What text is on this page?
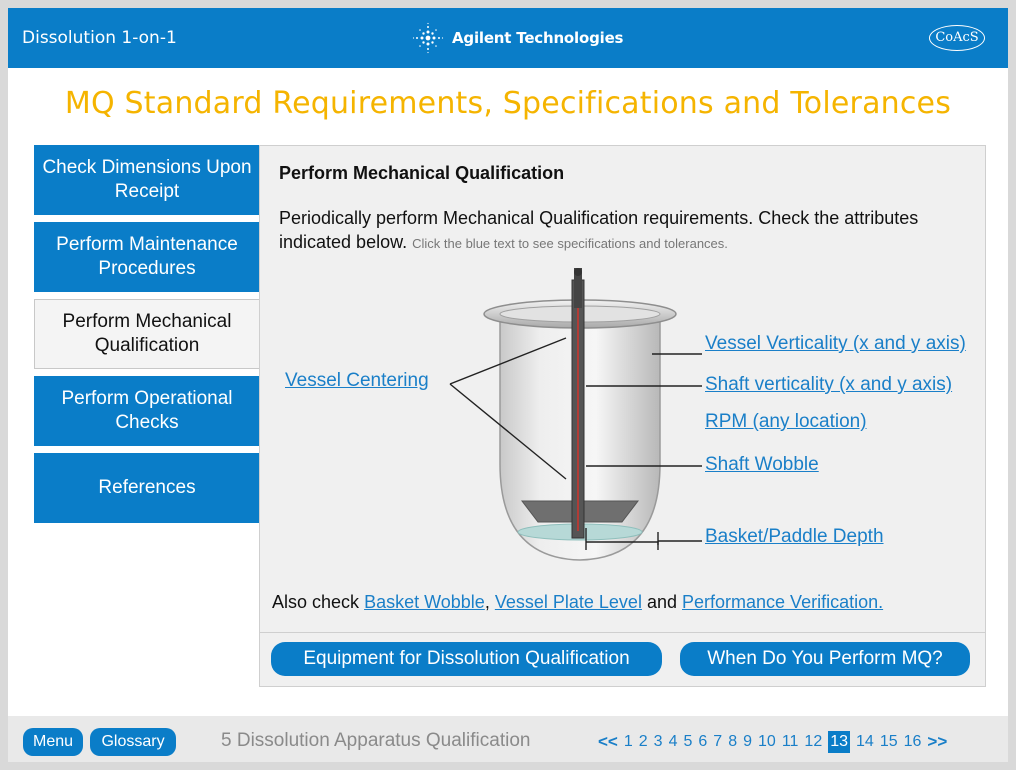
Dissolution 1-on-1	Agilent Technologies	CoAcS
MQ Standard Requirements, Specifications and Tolerances
Check Dimensions Upon Receipt
Perform Maintenance Procedures
Perform Mechanical Qualification
Perform Operational Checks
References
Perform Mechanical Qualification
Periodically perform Mechanical Qualification requirements. Check the attributes indicated below. Click the blue text to see specifications and tolerances.
Vessel Centering
Vessel Verticality (x and y axis)
Shaft verticality (x and y axis)
RPM (any location)
Shaft Wobble
Basket/Paddle Depth
Also check Basket Wobble, Vessel Plate Level and Performance Verification.
Equipment for Dissolution Qualification	When Do You Perform MQ?
Menu	Glossary	5 Dissolution Apparatus Qualification	<< 1 2 3 4 5 6 7 8 9 10 11 12 13 14 15 16 >>
